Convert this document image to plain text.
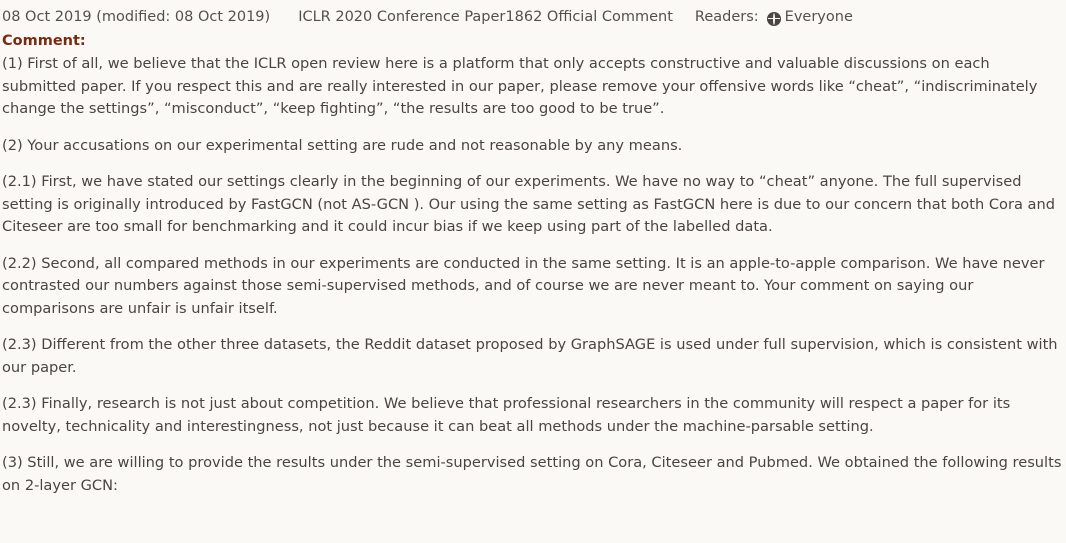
08 Oct 2019 (modified: 08 Oct 2019) ICLR 2020 Conference Paper1862 Official Comment Readers: Everyone
Comment:

(1) First of all, we believe that the ICLR open review here is a platform that only accepts constructive and valuable discussions on each submitted paper. If you respect this and are really interested in our paper, please remove your offensive words like “cheat”, “indiscriminately change the settings”, “misconduct”, “keep fighting”, “the results are too good to be true”.

(2) Your accusations on our experimental setting are rude and not reasonable by any means.

(2.1) First, we have stated our settings clearly in the beginning of our experiments. We have no way to “cheat” anyone. The full supervised setting is originally introduced by FastGCN (not AS-GCN ). Our using the same setting as FastGCN here is due to our concern that both Cora and Citeseer are too small for benchmarking and it could incur bias if we keep using part of the labelled data.

(2.2) Second, all compared methods in our experiments are conducted in the same setting. It is an apple-to-apple comparison. We have never contrasted our numbers against those semi-supervised methods, and of course we are never meant to. Your comment on saying our comparisons are unfair is unfair itself.

(2.3) Different from the other three datasets, the Reddit dataset proposed by GraphSAGE is used under full supervision, which is consistent with our paper.

(2.3) Finally, research is not just about competition. We believe that professional researchers in the community will respect a paper for its novelty, technicality and interestingness, not just because it can beat all methods under the machine-parsable setting.

(3) Still, we are willing to provide the results under the semi-supervised setting on Cora, Citeseer and Pubmed. We obtained the following results on 2-layer GCN:
